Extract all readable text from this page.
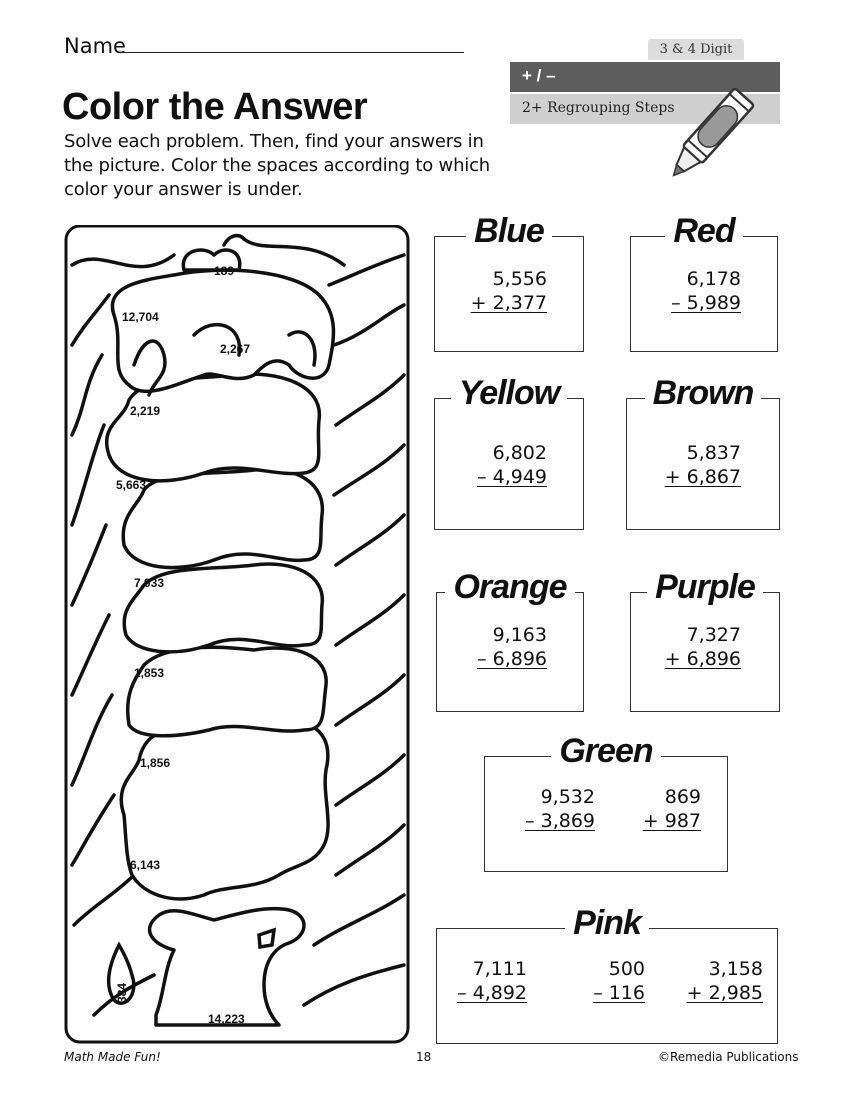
Name
Color the Answer
Solve each problem. Then, find your answers in the picture. Color the spaces according to which color your answer is under.
3 & 4 Digit
+ / –
2+ Regrouping Steps
189
12,704
2,267
2,219
5,663
7,933
1,853
1,856
6,143
384
14,223
Blue
5,556
+ 2,377
Red
6,178
– 5,989
Yellow
6,802
– 4,949
Brown
5,837
+ 6,867
Orange
9,163
– 6,896
Purple
7,327
+ 6,896
Green
9,532
– 3,869
869
+ 987
Pink
7,111
– 4,892
500
– 116
3,158
+ 2,985
Math Made Fun!	18	©Remedia Publications
